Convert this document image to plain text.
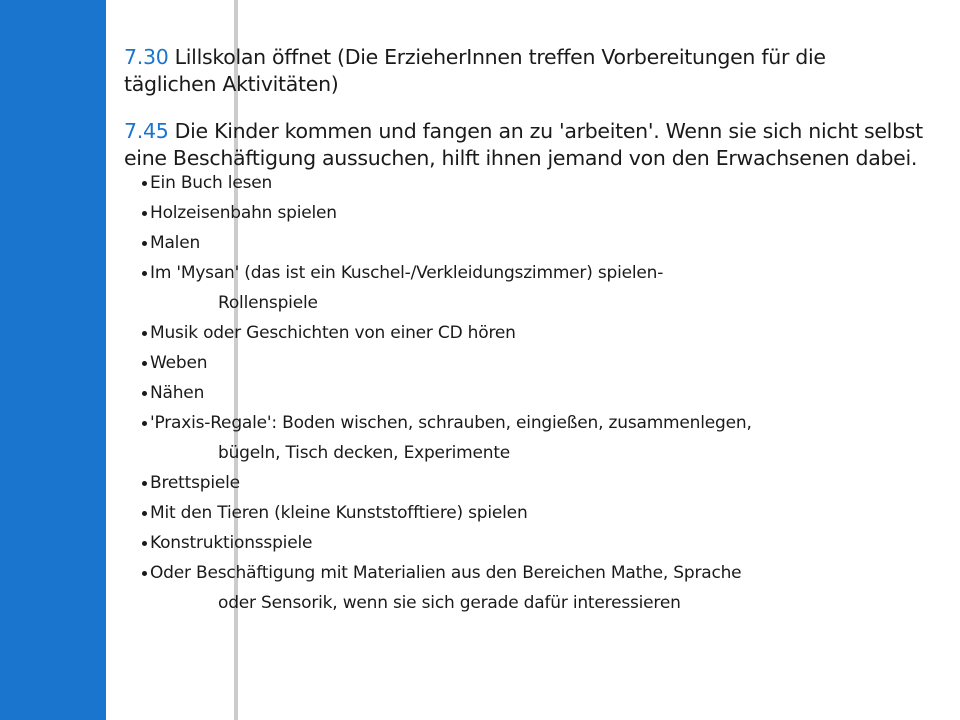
7.30 Lillskolan öffnet (Die ErzieherInnen treffen Vorbereitungen für die täglichen Aktivitäten)

7.45 Die Kinder kommen und fangen an zu 'arbeiten'. Wenn sie sich nicht selbst eine Beschäftigung aussuchen, hilft ihnen jemand von den Erwachsenen dabei.

Ein Buch lesen
Holzeisenbahn spielen
Malen
Im 'Mysan' (das ist ein Kuschel-/Verkleidungszimmer) spielen-
Rollenspiele
Musik oder Geschichten von einer CD hören
Weben
Nähen
'Praxis-Regale': Boden wischen, schrauben, eingießen, zusammenlegen,
bügeln, Tisch decken, Experimente
Brettspiele
Mit den Tieren (kleine Kunststofftiere) spielen
Konstruktionsspiele
Oder Beschäftigung mit Materialien aus den Bereichen Mathe, Sprache
oder Sensorik, wenn sie sich gerade dafür interessieren
